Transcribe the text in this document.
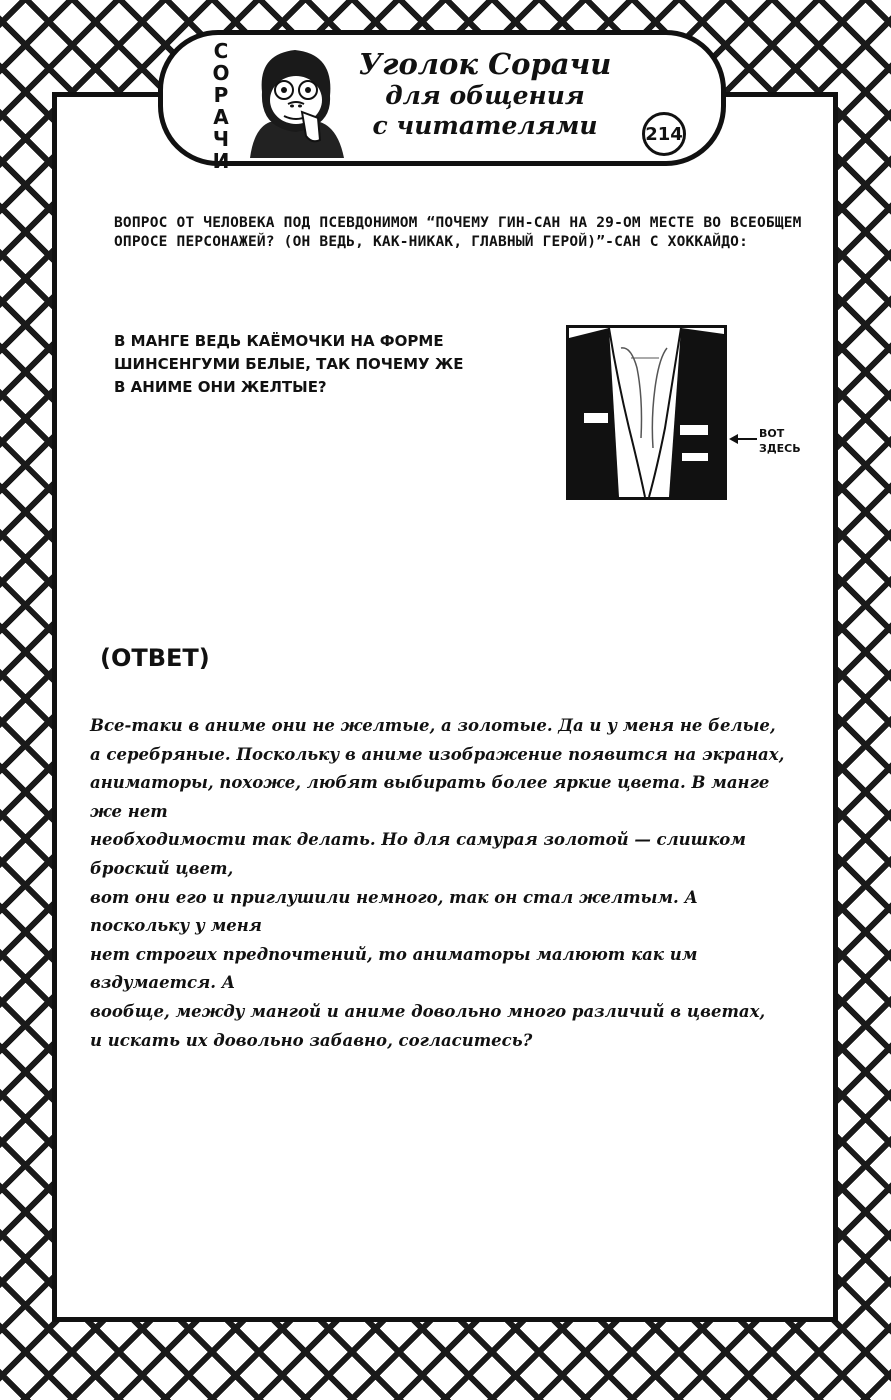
С
О
Р
А
Ч
И
Уголок Сорачи
для общения
с читателями	214
ВОПРОС ОТ ЧЕЛОВЕКА ПОД ПСЕВДОНИМОМ “ПОЧЕМУ ГИН-САН НА 29-ОМ МЕСТЕ ВО ВСЕОБЩЕМ ОПРОСЕ ПЕРСОНАЖЕЙ? (ОН ВЕДЬ, КАК-НИКАК, ГЛАВНЫЙ ГЕРОЙ)”-САН С ХОККАЙДО:
В МАНГЕ ВЕДЬ КАЁМОЧКИ НА ФОРМЕ ШИНСЕНГУМИ БЕЛЫЕ, ТАК ПОЧЕМУ ЖЕ В АНИМЕ ОНИ ЖЕЛТЫЕ?
ВОТ ЗДЕСЬ
(ОТВЕТ)
Все-таки в аниме они не желтые, а золотые. Да и у меня не белые,
а серебряные. Поскольку в аниме изображение появится на экранах,
аниматоры, похоже, любят выбирать более яркие цвета. В манге же нет
необходимости так делать. Но для самурая золотой — слишком броский цвет,
вот они его и приглушили немного, так он стал желтым. А поскольку у меня
нет строгих предпочтений, то аниматоры малюют как им вздумается. А
вообще, между мангой и аниме довольно много различий в цветах,
и искать их довольно забавно, согласитесь?
